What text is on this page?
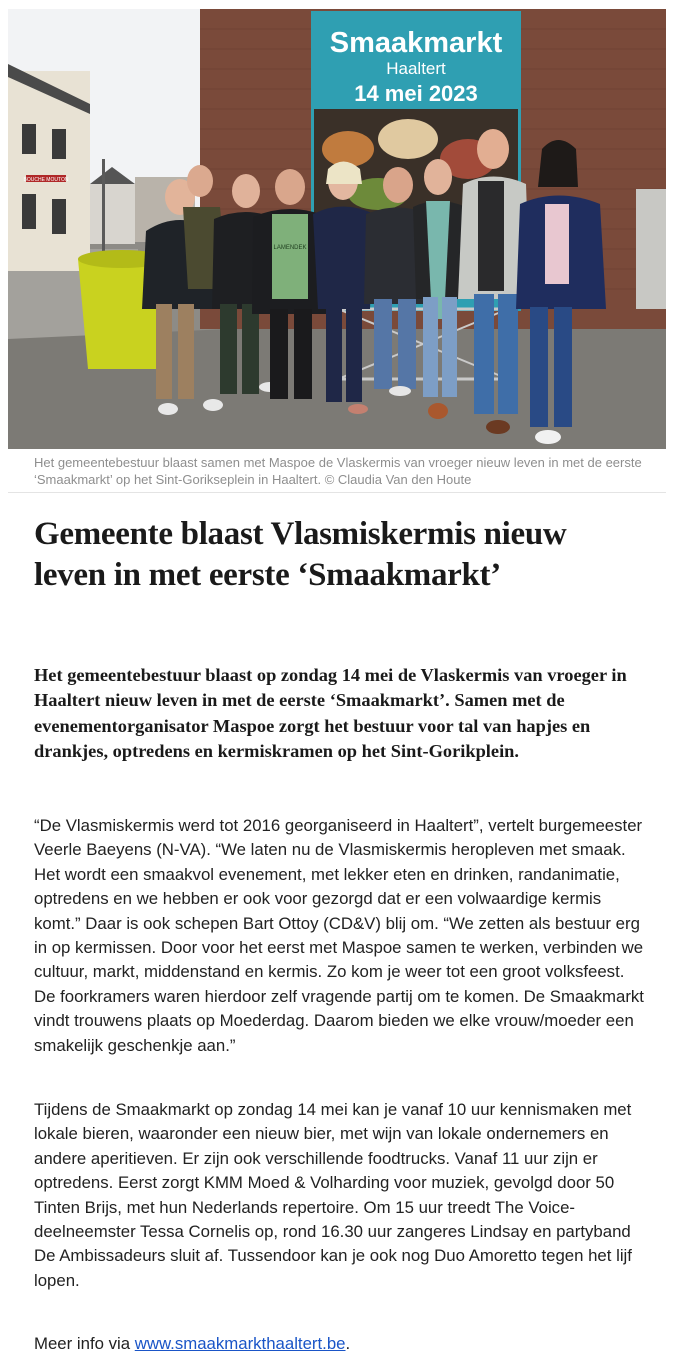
BOUCHE MOUTON
Smaakmarkt
Haaltert
14 mei 2023
LAMENDEK
Het gemeentebestuur blaast samen met Maspoe de Vlaskermis van vroeger nieuw leven in met de eerste ‘Smaakmarkt’ op het Sint-Gorikseplein in Haaltert. © Claudia Van den Houte
Gemeente blaast Vlasmiskermis nieuw leven in met eerste ‘Smaakmarkt’

Het gemeentebestuur blaast op zondag 14 mei de Vlaskermis van vroeger in Haaltert nieuw leven in met de eerste ‘Smaakmarkt’. Samen met de evenementorganisator Maspoe zorgt het bestuur voor tal van hapjes en drankjes, optredens en kermiskramen op het Sint-Gorikplein.

“De Vlasmiskermis werd tot 2016 georganiseerd in Haaltert”, vertelt burgemeester Veerle Baeyens (N-VA). “We laten nu de Vlasmiskermis heropleven met smaak. Het wordt een smaakvol evenement, met lekker eten en drinken, randanimatie, optredens en we hebben er ook voor gezorgd dat er een volwaardige kermis komt.” Daar is ook schepen Bart Ottoy (CD&V) blij om. “We zetten als bestuur erg in op kermissen. Door voor het eerst met Maspoe samen te werken, verbinden we cultuur, markt, middenstand en kermis. Zo kom je weer tot een groot volksfeest. De foorkramers waren hierdoor zelf vragende partij om te komen. De Smaakmarkt vindt trouwens plaats op Moederdag. Daarom bieden we elke vrouw/moeder een smakelijk geschenkje aan.”

Tijdens de Smaakmarkt op zondag 14 mei kan je vanaf 10 uur kennismaken met lokale bieren, waaronder een nieuw bier, met wijn van lokale ondernemers en andere aperitieven. Er zijn ook verschillende foodtrucks. Vanaf 11 uur zijn er optredens. Eerst zorgt KMM Moed & Volharding voor muziek, gevolgd door 50 Tinten Brijs, met hun Nederlands repertoire. Om 15 uur treedt The Voice-deelneemster Tessa Cornelis op, rond 16.30 uur zangeres Lindsay en partyband De Ambissadeurs sluit af. Tussendoor kan je ook nog Duo Amoretto tegen het lijf lopen.

Meer info via www.smaakmarkthaaltert.be.
